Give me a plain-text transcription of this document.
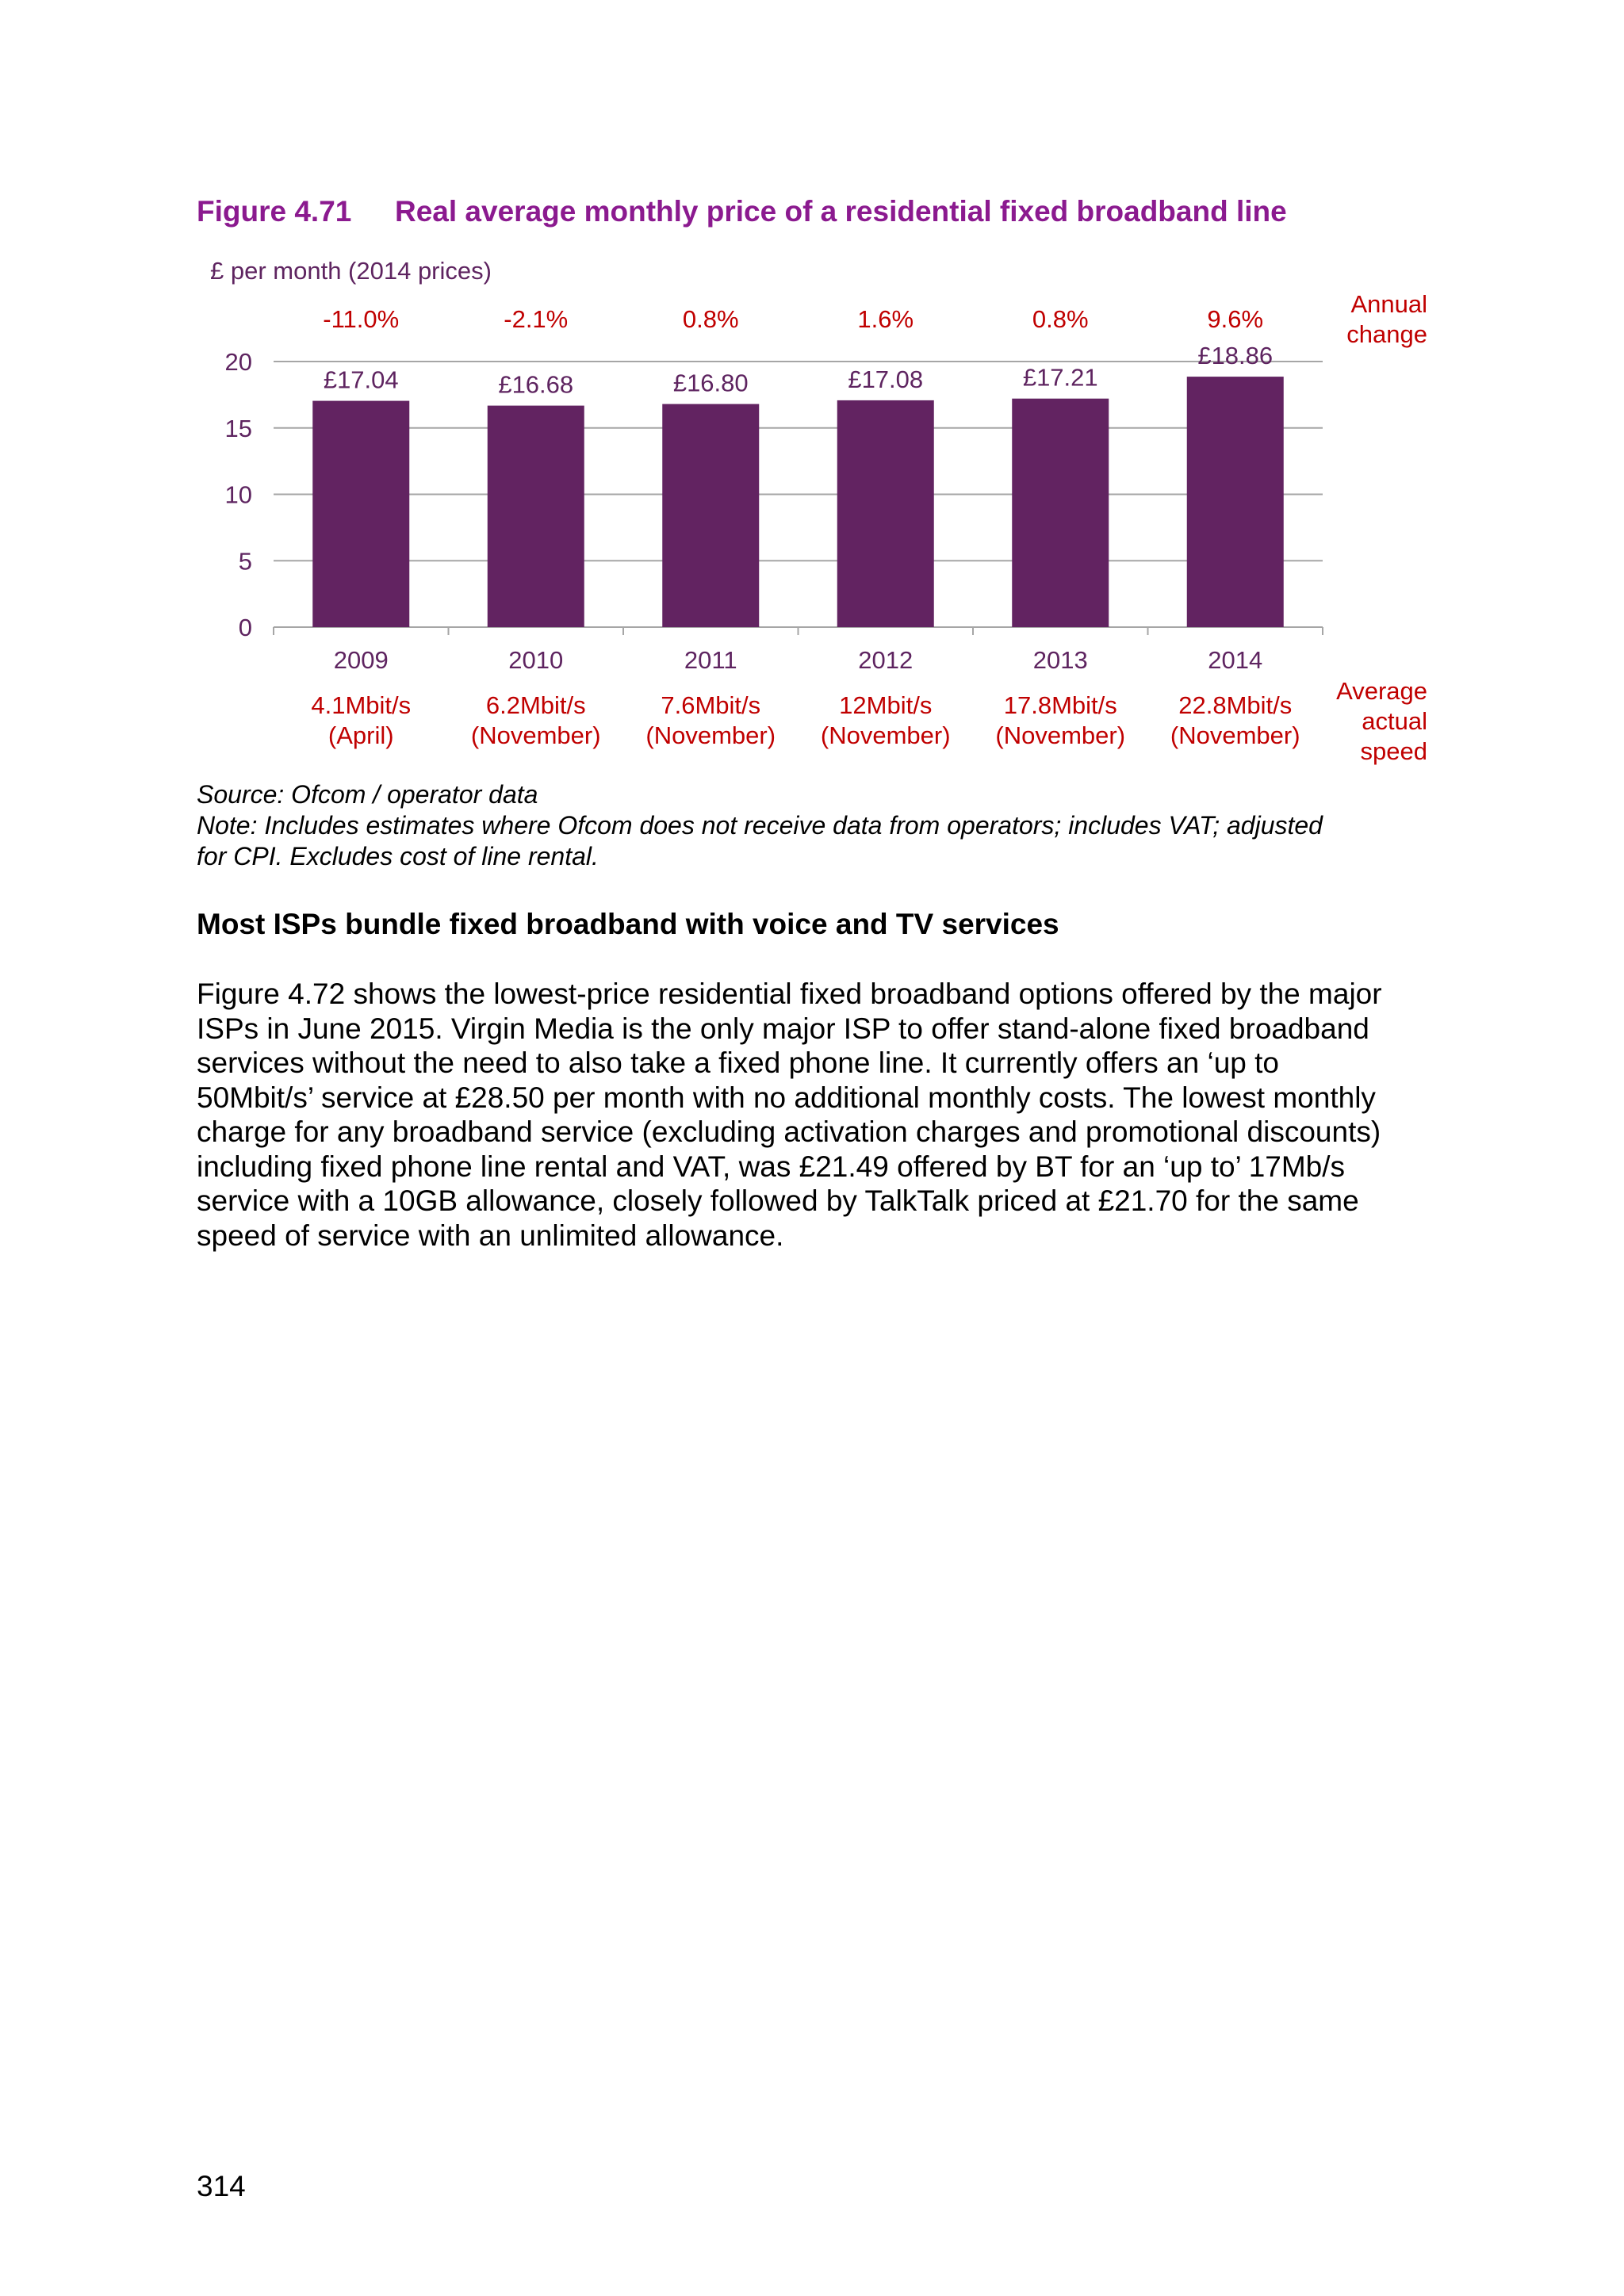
Figure 4.71 Real average monthly price of a residential fixed broadband line
£ per month (2014 prices)
0
5
10
15
20
£17.04
2009
-11.0%
4.1Mbit/s
(April)
£16.68
2010
-2.1%
6.2Mbit/s
(November)
£16.80
2011
0.8%
7.6Mbit/s
(November)
£17.08
2012
1.6%
12Mbit/s
(November)
£17.21
2013
0.8%
17.8Mbit/s
(November)
£18.86
2014
9.6%
22.8Mbit/s
(November)
Annual
change
Average
actual
speed
Source: Ofcom / operator data
Note: Includes estimates where Ofcom does not receive data from operators; includes VAT; adjusted
for CPI. Excludes cost of line rental.
Most ISPs bundle fixed broadband with voice and TV services
Figure 4.72 shows the lowest-price residential fixed broadband options offered by the major
ISPs in June 2015. Virgin Media is the only major ISP to offer stand-alone fixed broadband
services without the need to also take a fixed phone line. It currently offers an ‘up to
50Mbit/s’ service at £28.50 per month with no additional monthly costs. The lowest monthly
charge for any broadband service (excluding activation charges and promotional discounts)
including fixed phone line rental and VAT, was £21.49 offered by BT for an ‘up to’ 17Mb/s
service with a 10GB allowance, closely followed by TalkTalk priced at £21.70 for the same
speed of service with an unlimited allowance.
314
